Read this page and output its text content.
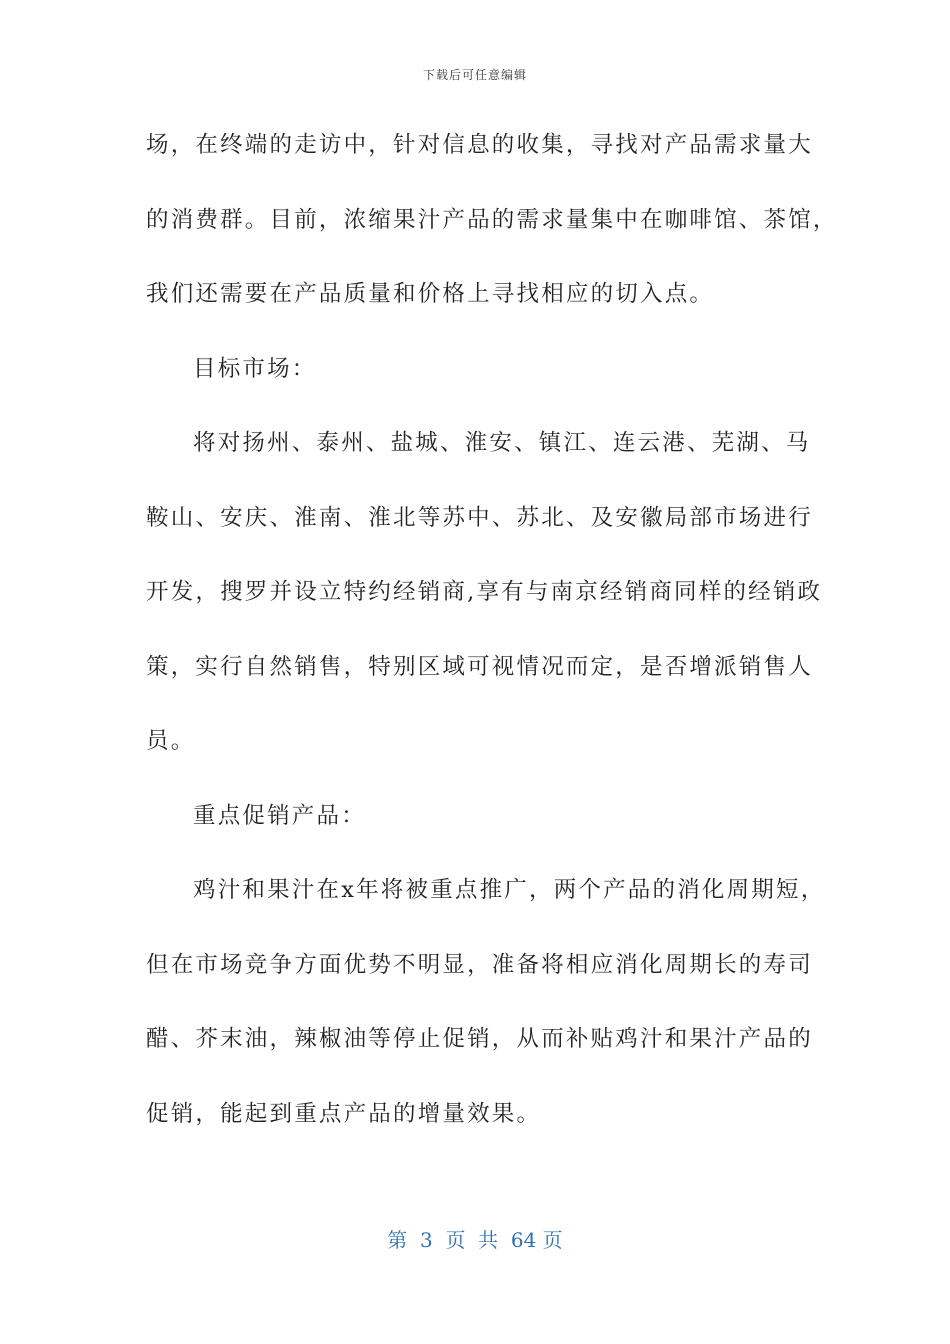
下载后可任意编辑
场，在终端的走访中，针对信息的收集，寻找对产品需求量大
的消费群。目前，浓缩果汁产品的需求量集中在咖啡馆、茶馆，
我们还需要在产品质量和价格上寻找相应的切入点。
目标市场：
将对扬州、泰州、盐城、淮安、镇江、连云港、芜湖、马
鞍山、安庆、淮南、淮北等苏中、苏北、及安徽局部市场进行
开发，搜罗并设立特约经销商,享有与南京经销商同样的经销政
策，实行自然销售，特别区域可视情况而定，是否增派销售人
员。
重点促销产品：
鸡汁和果汁在x年将被重点推广，两个产品的消化周期短，
但在市场竞争方面优势不明显，准备将相应消化周期长的寿司
醋、芥末油，辣椒油等停止促销，从而补贴鸡汁和果汁产品的
促销，能起到重点产品的增量效果。
第  3  页  共  64 页
